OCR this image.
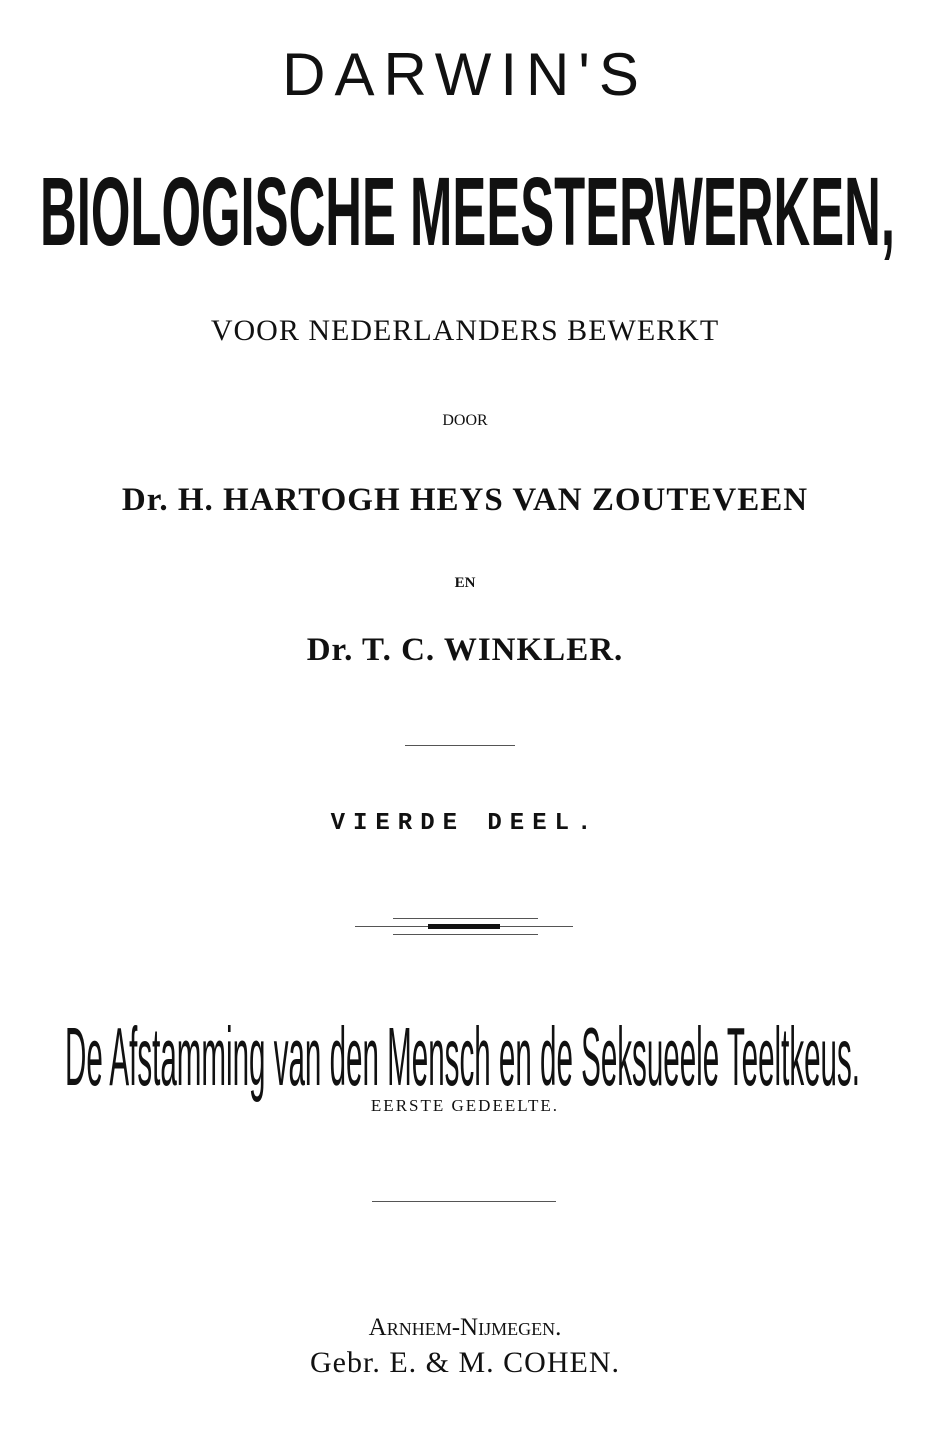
DARWIN'S
BIOLOGISCHE MEESTERWERKEN,
VOOR NEDERLANDERS BEWERKT
DOOR
Dr. H. HARTOGH HEYS VAN ZOUTEVEEN
EN
Dr. T. C. WINKLER.
VIERDE DEEL.
De Afstamming van den Mensch en de Seksueele Teeltkeus.
EERSTE GEDEELTE.
Arnhem-Nijmegen.
Gebr. E. & M. COHEN.
